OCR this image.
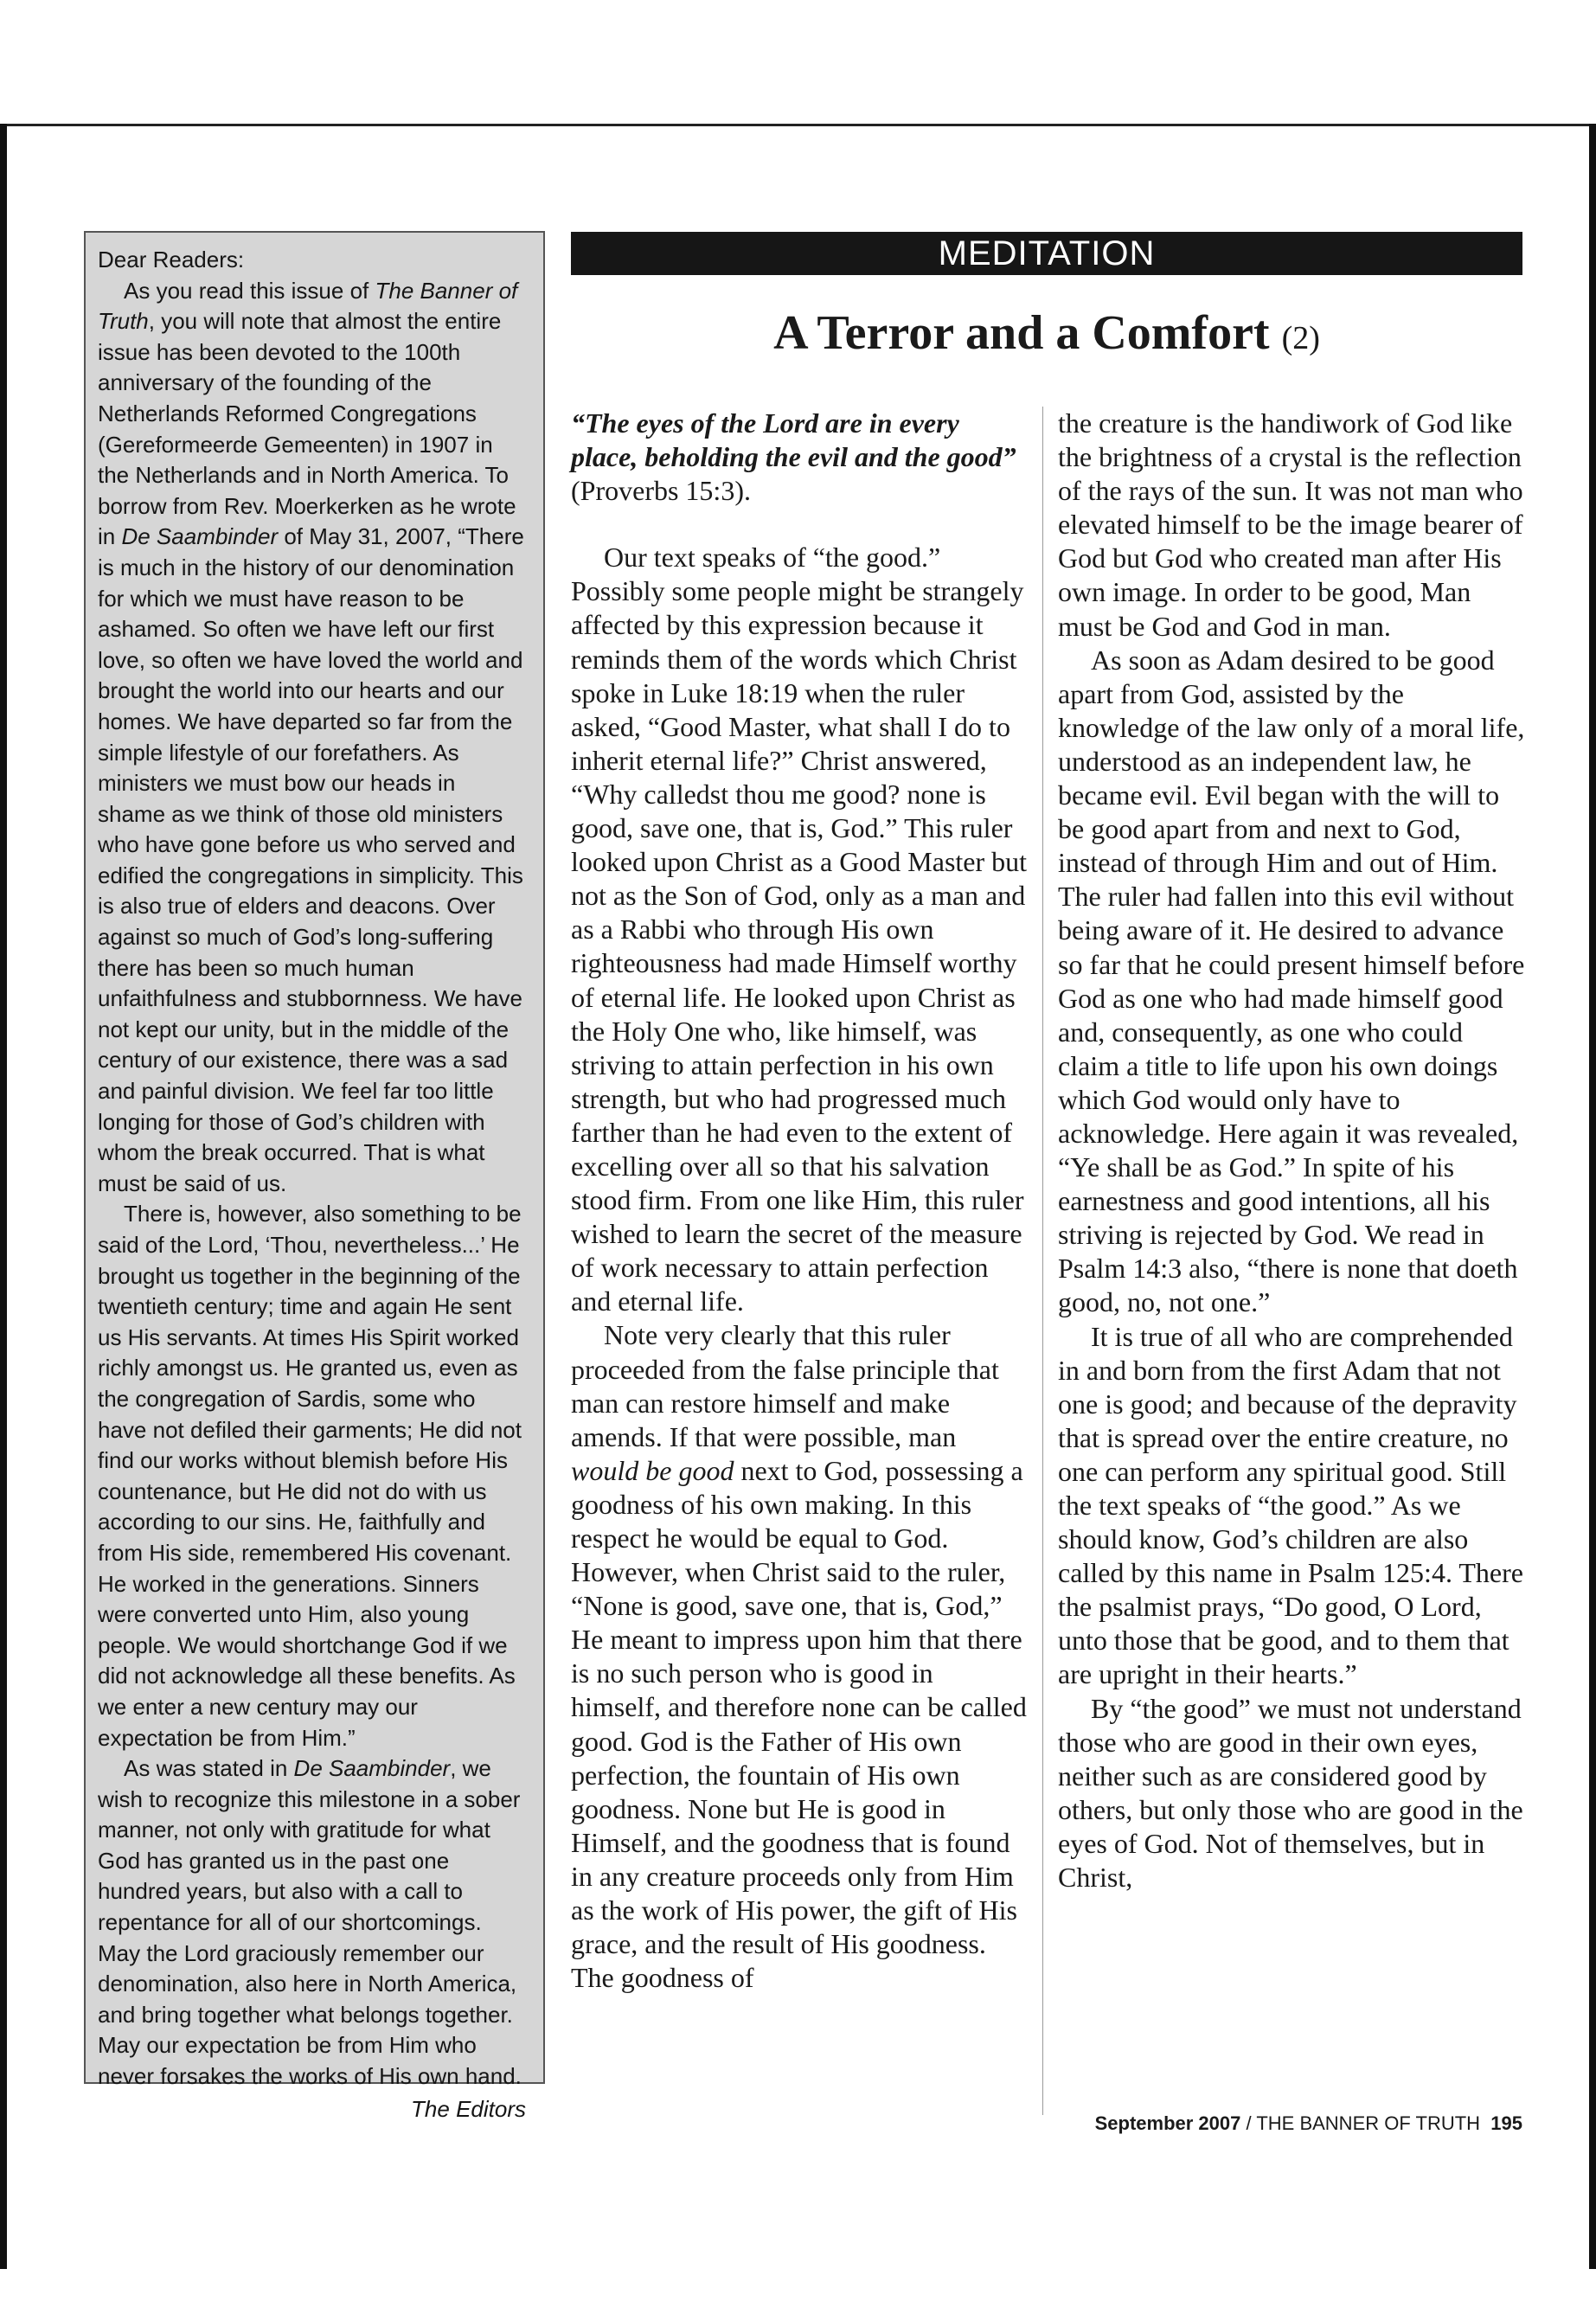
Dear Readers:

As you read this issue of The Banner of Truth, you will note that almost the entire issue has been devoted to the 100th anniversary of the founding of the Netherlands Reformed Congregations (Gereformeerde Gemeenten) in 1907 in the Netherlands and in North America. To borrow from Rev. Moerkerken as he wrote in De Saambinder of May 31, 2007, “There is much in the history of our denomination for which we must have reason to be ashamed. So often we have left our first love, so often we have loved the world and brought the world into our hearts and our homes. We have departed so far from the simple lifestyle of our forefathers. As ministers we must bow our heads in shame as we think of those old ministers who have gone before us who served and edified the congregations in simplicity. This is also true of elders and deacons. Over against so much of God’s long-suffering there has been so much human unfaithfulness and stubbornness. We have not kept our unity, but in the middle of the century of our existence, there was a sad and painful division. We feel far too little longing for those of God’s children with whom the break occurred. That is what must be said of us.

There is, however, also something to be said of the Lord, ‘Thou, nevertheless...’ He brought us together in the beginning of the twentieth century; time and again He sent us His servants. At times His Spirit worked richly amongst us. He granted us, even as the congregation of Sardis, some who have not defiled their garments; He did not find our works without blemish before His countenance, but He did not do with us according to our sins. He, faithfully and from His side, remembered His covenant. He worked in the generations. Sinners were converted unto Him, also young people. We would shortchange God if we did not acknowledge all these benefits. As we enter a new century may our expectation be from Him.”

As was stated in De Saambinder, we wish to recognize this milestone in a sober manner, not only with gratitude for what God has granted us in the past one hundred years, but also with a call to repentance for all of our shortcomings. May the Lord graciously remember our denomination, also here in North America, and bring together what belongs together. May our expectation be from Him who never forsakes the works of His own hand.

The Editors

MEDITATION
A Terror and a Comfort (2)

“The eyes of the Lord are in every place, beholding the evil and the good” (Proverbs 15:3).

Our text speaks of “the good.” Possibly some people might be strangely affected by this expression because it reminds them of the words which Christ spoke in Luke 18:19 when the ruler asked, “Good Master, what shall I do to inherit eternal life?” Christ answered, “Why calledst thou me good? none is good, save one, that is, God.” This ruler looked upon Christ as a Good Master but not as the Son of God, only as a man and as a Rabbi who through His own righteousness had made Himself worthy of eternal life. He looked upon Christ as the Holy One who, like himself, was striving to attain perfection in his own strength, but who had progressed much farther than he had even to the extent of excelling over all so that his salvation stood firm. From one like Him, this ruler wished to learn the secret of the measure of work necessary to attain perfection and eternal life.

Note very clearly that this ruler proceeded from the false principle that man can restore himself and make amends. If that were possible, man would be good next to God, possessing a goodness of his own making. In this respect he would be equal to God. However, when Christ said to the ruler, “None is good, save one, that is, God,” He meant to impress upon him that there is no such person who is good in himself, and therefore none can be called good. God is the Father of His own perfection, the fountain of His own goodness. None but He is good in Himself, and the goodness that is found in any creature proceeds only from Him as the work of His power, the gift of His grace, and the result of His goodness. The goodness of

the creature is the handiwork of God like the brightness of a crystal is the reflection of the rays of the sun. It was not man who elevated himself to be the image bearer of God but God who created man after His own image. In order to be good, Man must be God and God in man.

As soon as Adam desired to be good apart from God, assisted by the knowledge of the law only of a moral life, understood as an independent law, he became evil. Evil began with the will to be good apart from and next to God, instead of through Him and out of Him. The ruler had fallen into this evil without being aware of it. He desired to advance so far that he could present himself before God as one who had made himself good and, consequently, as one who could claim a title to life upon his own doings which God would only have to acknowledge. Here again it was revealed, “Ye shall be as God.” In spite of his earnestness and good intentions, all his striving is rejected by God. We read in Psalm 14:3 also, “there is none that doeth good, no, not one.”

It is true of all who are comprehended in and born from the first Adam that not one is good; and because of the depravity that is spread over the entire creature, no one can perform any spiritual good. Still the text speaks of “the good.” As we should know, God’s children are also called by this name in Psalm 125:4. There the psalmist prays, “Do good, O Lord, unto those that be good, and to them that are upright in their hearts.”

By “the good” we must not understand those who are good in their own eyes, neither such as are considered good by others, but only those who are good in the eyes of God. Not of themselves, but in Christ,

September 2007 / THE BANNER OF TRUTH 195
